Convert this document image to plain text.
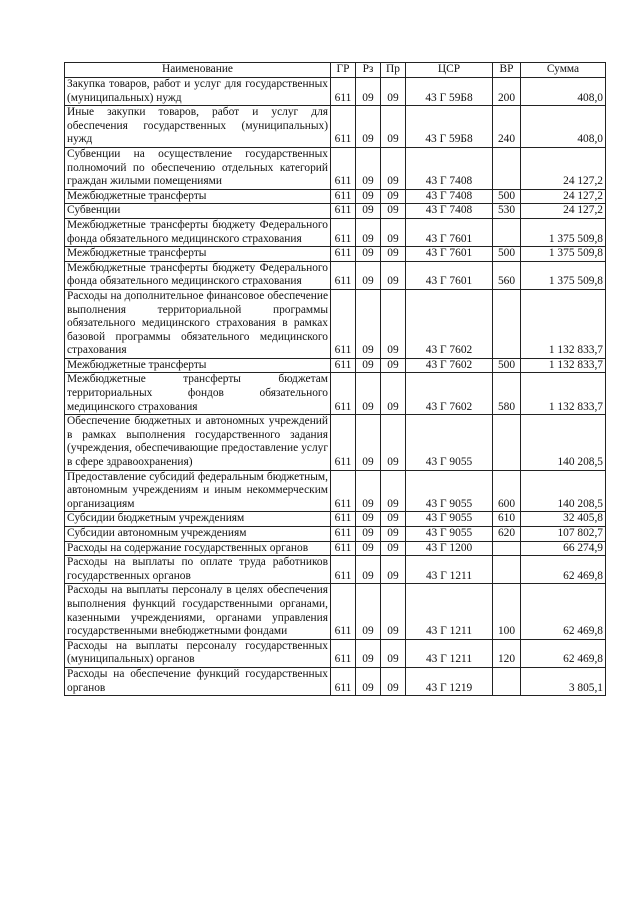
Наименование	ГР	Рз	Пр	ЦСР	ВР	Сумма
Закупка товаров, работ и услуг для государственных (муниципальных) нужд	611	09	09	43 Г 59Б8	200	408,0
Иные закупки товаров, работ и услуг для обеспечения государственных (муниципальных) нужд	611	09	09	43 Г 59Б8	240	408,0
Субвенции на осуществление государственных полномочий по обеспечению отдельных категорий граждан жилыми помещениями	611	09	09	43 Г 7408		24 127,2
Межбюджетные трансферты	611	09	09	43 Г 7408	500	24 127,2
Субвенции	611	09	09	43 Г 7408	530	24 127,2
Межбюджетные трансферты бюджету Федерального фонда обязательного медицинского страхования	611	09	09	43 Г 7601		1 375 509,8
Межбюджетные трансферты	611	09	09	43 Г 7601	500	1 375 509,8
Межбюджетные трансферты бюджету Федерального фонда обязательного медицинского страхования	611	09	09	43 Г 7601	560	1 375 509,8
Расходы на дополнительное финансовое обеспечение выполнения территориальной программы обязательного медицинского страхования в рамках базовой программы обязательного медицинского страхования	611	09	09	43 Г 7602		1 132 833,7
Межбюджетные трансферты	611	09	09	43 Г 7602	500	1 132 833,7
Межбюджетные трансферты бюджетам территориальных фондов обязательного медицинского страхования	611	09	09	43 Г 7602	580	1 132 833,7
Обеспечение бюджетных и автономных учреждений в рамках выполнения государственного задания (учреждения, обеспечивающие предоставление услуг в сфере здравоохранения)	611	09	09	43 Г 9055		140 208,5
Предоставление субсидий федеральным бюджетным, автономным учреждениям и иным некоммерческим организациям	611	09	09	43 Г 9055	600	140 208,5
Субсидии бюджетным учреждениям	611	09	09	43 Г 9055	610	32 405,8
Субсидии автономным учреждениям	611	09	09	43 Г 9055	620	107 802,7
Расходы на содержание государственных органов	611	09	09	43 Г 1200		66 274,9
Расходы на выплаты по оплате труда работников государственных органов	611	09	09	43 Г 1211		62 469,8
Расходы на выплаты персоналу в целях обеспечения выполнения функций государственными органами, казенными учреждениями, органами управления государственными внебюджетными фондами	611	09	09	43 Г 1211	100	62 469,8
Расходы на выплаты персоналу государственных (муниципальных) органов	611	09	09	43 Г 1211	120	62 469,8
Расходы на обеспечение функций государственных органов	611	09	09	43 Г 1219		3 805,1
